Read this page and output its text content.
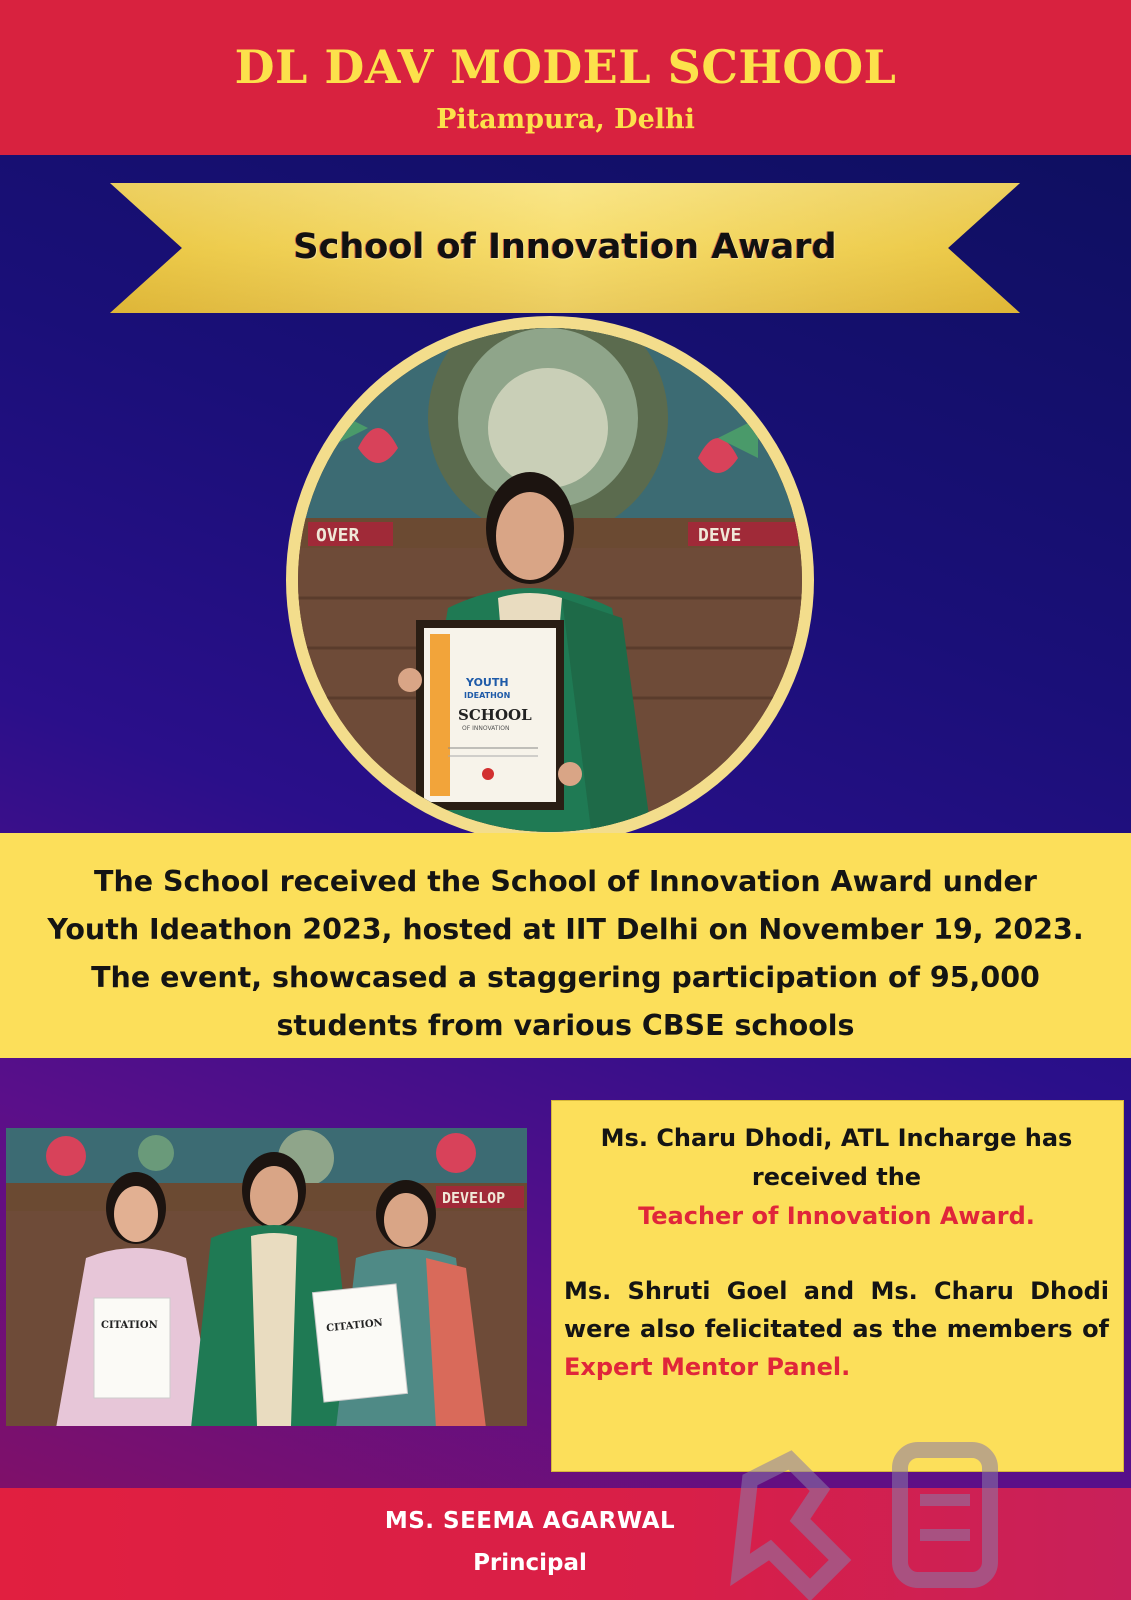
DL DAV MODEL SCHOOL
Pitampura, Delhi
School of Innovation Award
OVER	DEVE
YOUTH
IDEATHON
SCHOOL
OF INNOVATION
The School received the School of Innovation Award under
Youth Ideathon 2023, hosted at IIT Delhi on November 19, 2023.
The event, showcased a staggering participation of 95,000
students from various CBSE schools
DEVELOP
CITATION	CITATION
Ms. Charu Dhodi, ATL Incharge has
received the
Teacher of Innovation Award.
Ms. Shruti Goel and Ms. Charu Dhodi were also felicitated as the members of Expert Mentor Panel.
MS. SEEMA AGARWAL
Principal
